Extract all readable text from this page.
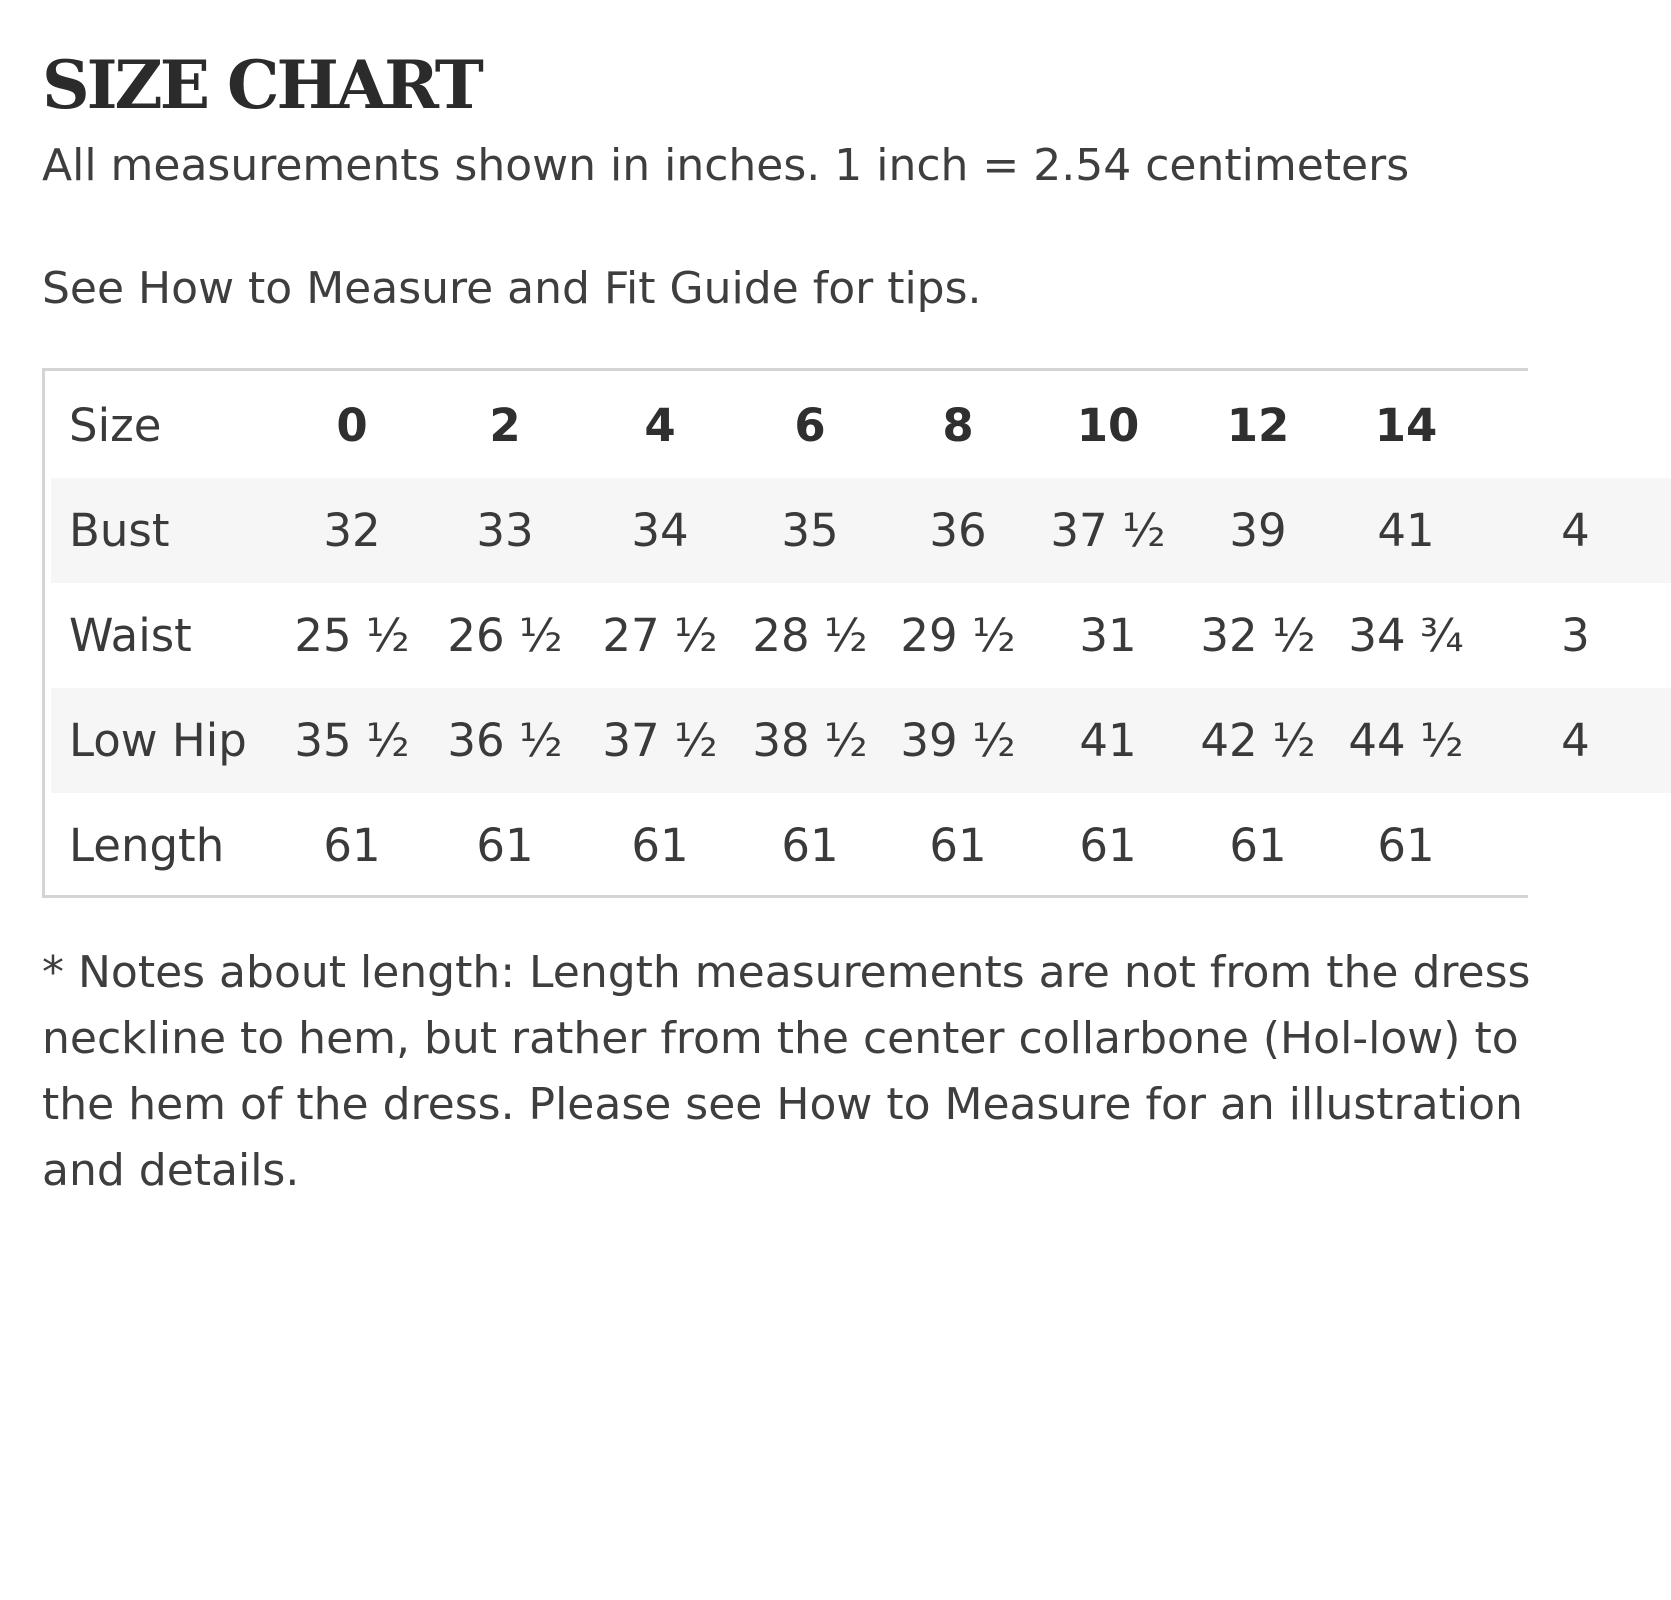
SIZE CHART

All measurements shown in inches. 1 inch = 2.54 centimeters

See How to Measure and Fit Guide for tips.

Size	0	2	4	6	8	10	12	14	
Bust	32	33	34	35	36	37 ½	39	41	4
Waist	25 ½	26 ½	27 ½	28 ½	29 ½	31	32 ½	34 ¾	3
Low Hip	35 ½	36 ½	37 ½	38 ½	39 ½	41	42 ½	44 ½	4
Length	61	61	61	61	61	61	61	61	

* Notes about length: Length measurements are not from the dress neckline to hem, but rather from the center collarbone (Hol-low) to the hem of the dress. Please see How to Measure for an illustration and details.
